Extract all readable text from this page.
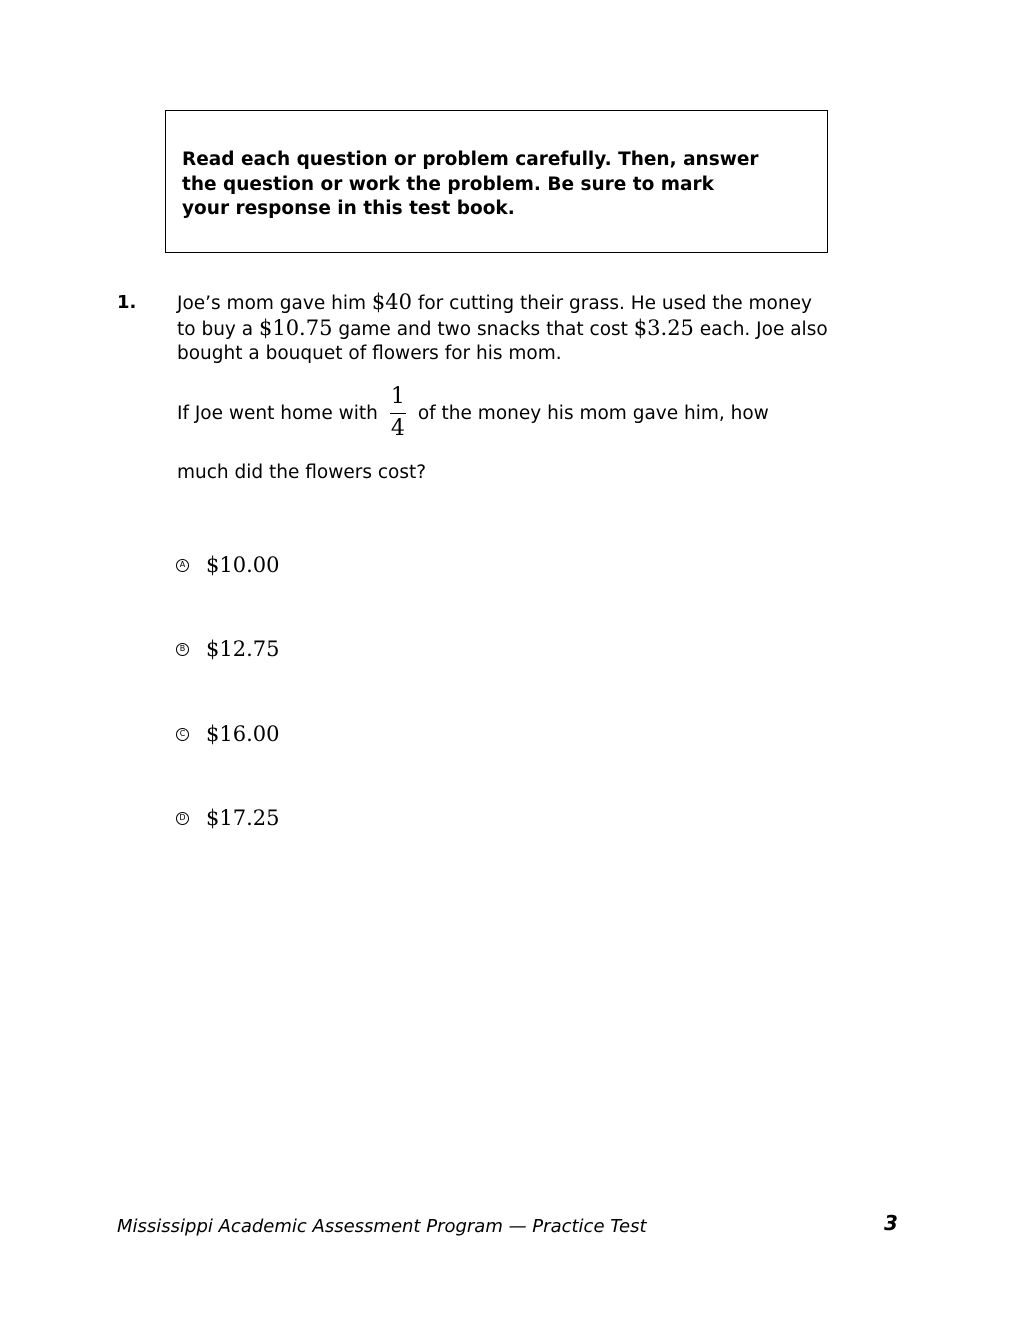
Read each question or problem carefully. Then, answer
the question or work the problem. Be sure to mark
your response in this test book.

1. Joe’s mom gave him $40 for cutting their grass. He used the money
to buy a $10.75 game and two snacks that cost $3.25 each. Joe also
bought a bouquet of flowers for his mom.
If Joe went home with $\frac{1}{4}$ of the money his mom gave him, how
much did the flowers cost?
A $10.00
B $12.75
C $16.00
D $17.25
Mississippi Academic Assessment Program — Practice Test	3
